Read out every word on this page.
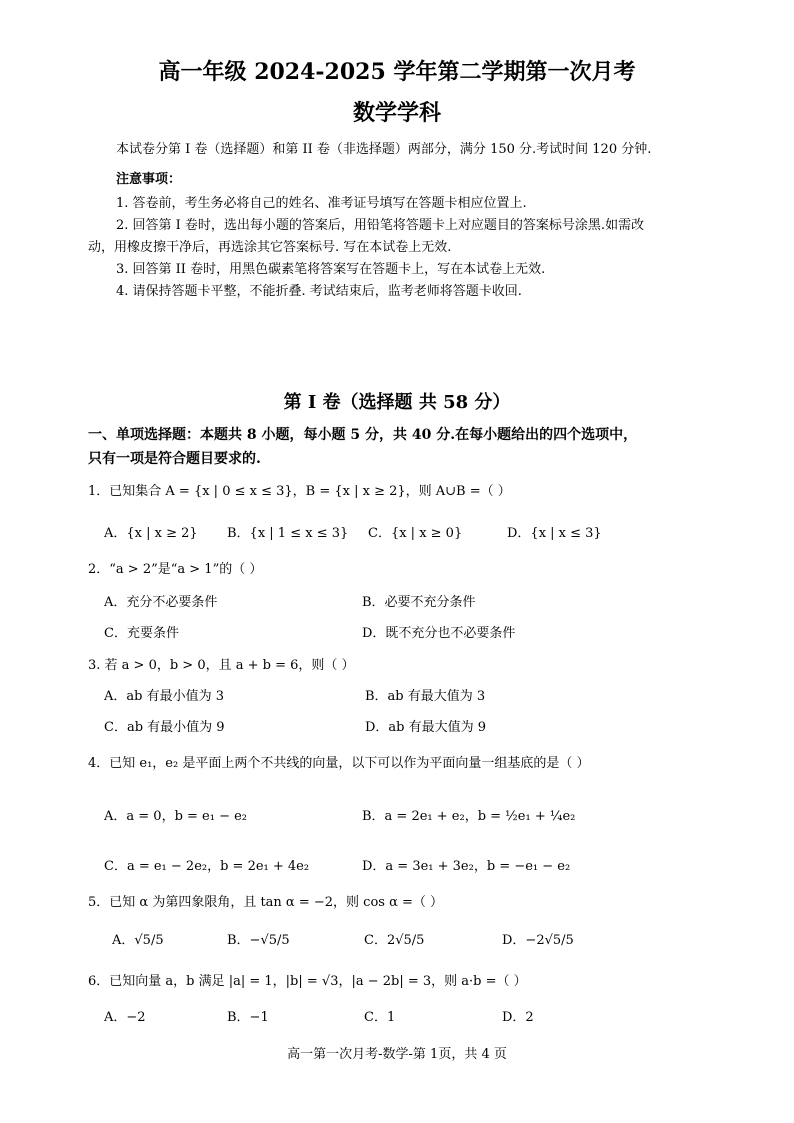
高一年级 2024-2025 学年第二学期第一次月考
数学学科
本试卷分第 I 卷（选择题）和第 II 卷（非选择题）两部分，满分 150 分.考试时间 120 分钟.
注意事项：
1. 答卷前，考生务必将自己的姓名、准考证号填写在答题卡相应位置上.
2. 回答第 I 卷时，选出每小题的答案后，用铅笔将答题卡上对应题目的答案标号涂黑.如需改
动，用橡皮擦干净后，再选涂其它答案标号. 写在本试卷上无效.
3. 回答第 II 卷时，用黑色碳素笔将答案写在答题卡上，写在本试卷上无效.
4. 请保持答题卡平整，不能折叠. 考试结束后，监考老师将答题卡收回.
第 I 卷（选择题 共 58 分）
一、单项选择题：本题共 8 小题，每小题 5 分，共 40 分.在每小题给出的四个选项中，
只有一项是符合题目要求的.
1．已知集合 A = {x | 0 ≤ x ≤ 3}，B = {x | x ≥ 2}，则 A∪B =（ ）
A．{x | x ≥ 2} B．{x | 1 ≤ x ≤ 3} C．{x | x ≥ 0}	D．{x | x ≤ 3}
2．“a > 2”是“a > 1”的（ ）
A．充分不必要条件	B．必要不充分条件
C．充要条件	D．既不充分也不必要条件
3. 若 a > 0，b > 0，且 a + b = 6，则（ ）
A．ab 有最小值为 3	B．ab 有最大值为 3
C．ab 有最小值为 9	D．ab 有最大值为 9
4．已知 e₁，e₂ 是平面上两个不共线的向量，以下可以作为平面向量一组基底的是（ ）
A．a = 0，b = e₁ − e₂	B．a = 2e₁ + e₂，b = ½e₁ + ¼e₂
C．a = e₁ − 2e₂，b = 2e₁ + 4e₂	D．a = 3e₁ + 3e₂，b = −e₁ − e₂
5．已知 α 为第四象限角，且 tan α = −2，则 cos α =（ ）
A．√5/5	B．−√5/5	C．2√5/5	D．−2√5/5
6．已知向量 a，b 满足 |a| = 1，|b| = √3，|a − 2b| = 3，则 a·b =（ ）
A．−2	B．−1	C．1	D．2
高一第一次月考-数学-第 1页，共 4 页
